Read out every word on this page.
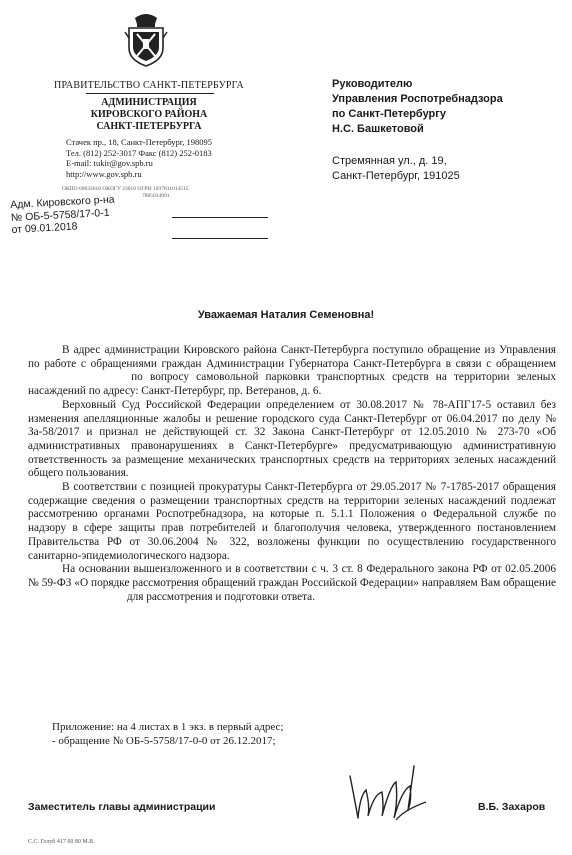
ПРАВИТЕЛЬСТВО САНКТ-ПЕТЕРБУРГА
АДМИНИСТРАЦИЯ
КИРОВСКОГО РАЙОНА
САНКТ-ПЕТЕРБУРГА
Стачек пр., 18, Санкт-Петербург, 198095
Тел. (812) 252-3017 Факс (812) 252-0183
E-mail: tukir@gov.spb.ru
http://www.gov.spb.ru
ОКПО 00032616 ОКОГУ 23010 ОГРН 1037811014515
7805014901
Адм. Кировского р-на
№ ОБ-5-5758/17-0-1
от 09.01.2018
Руководителю
Управления Роспотребнадзора
по Санкт-Петербургу
Н.С. Башкетовой
Стремянная ул., д. 19,
Санкт-Петербург, 191025
Уважаемая Наталия Семеновна!

В адрес администрации Кировского района Санкт-Петербурга поступило обращение из Управления по работе с обращениями граждан Администрации Губернатора Санкт-Петербурга в связи с обращением  по вопросу самовольной парковки транспортных средств на территории зеленых насаждений по адресу: Санкт-Петербург, пр. Ветеранов, д. 6.

Верховный Суд Российской Федерации определением от 30.08.2017 № 78-АПГ17-5 оставил без изменения апелляционные жалобы и решение городского суда Санкт-Петербург от 06.04.2017 по делу № За-58/2017 и признал не действующей ст. 32 Закона Санкт-Петербург от 12.05.2010 № 273-70 «Об административных правонарушениях в Санкт-Петербурге» предусматривающую административную ответственность за размещение механических транспортных средств на территориях зеленых насаждений общего пользования.

В соответствии с позицией прокуратуры Санкт-Петербурга от 29.05.2017 № 7-1785-2017 обращения содержащие сведения о размещении транспортных средств на территории зеленых насаждений подлежат рассмотрению органами Роспотребнадзора, на которые п. 5.1.1 Положения о Федеральной службе по надзору в сфере защиты прав потребителей и благополучия человека, утвержденного постановлением Правительства РФ от 30.06.2004 № 322, возложены функции по осуществлению государственного санитарно-эпидемиологического надзора.

На основании вышеизложенного и в соответствии с ч. 3 ст. 8 Федерального закона РФ от 02.05.2006 № 59-ФЗ «О порядке рассмотрения обращений граждан Российской Федерации» направляем Вам обращение  для рассмотрения и подготовки ответа.

Приложение: на 4 листах в 1 экз. в первый адрес;
- обращение № ОБ-5-5758/17-0-0 от 26.12.2017;
Заместитель главы администрации	В.Б. Захаров
С.С. Голуб 417 60 80 М.В.
